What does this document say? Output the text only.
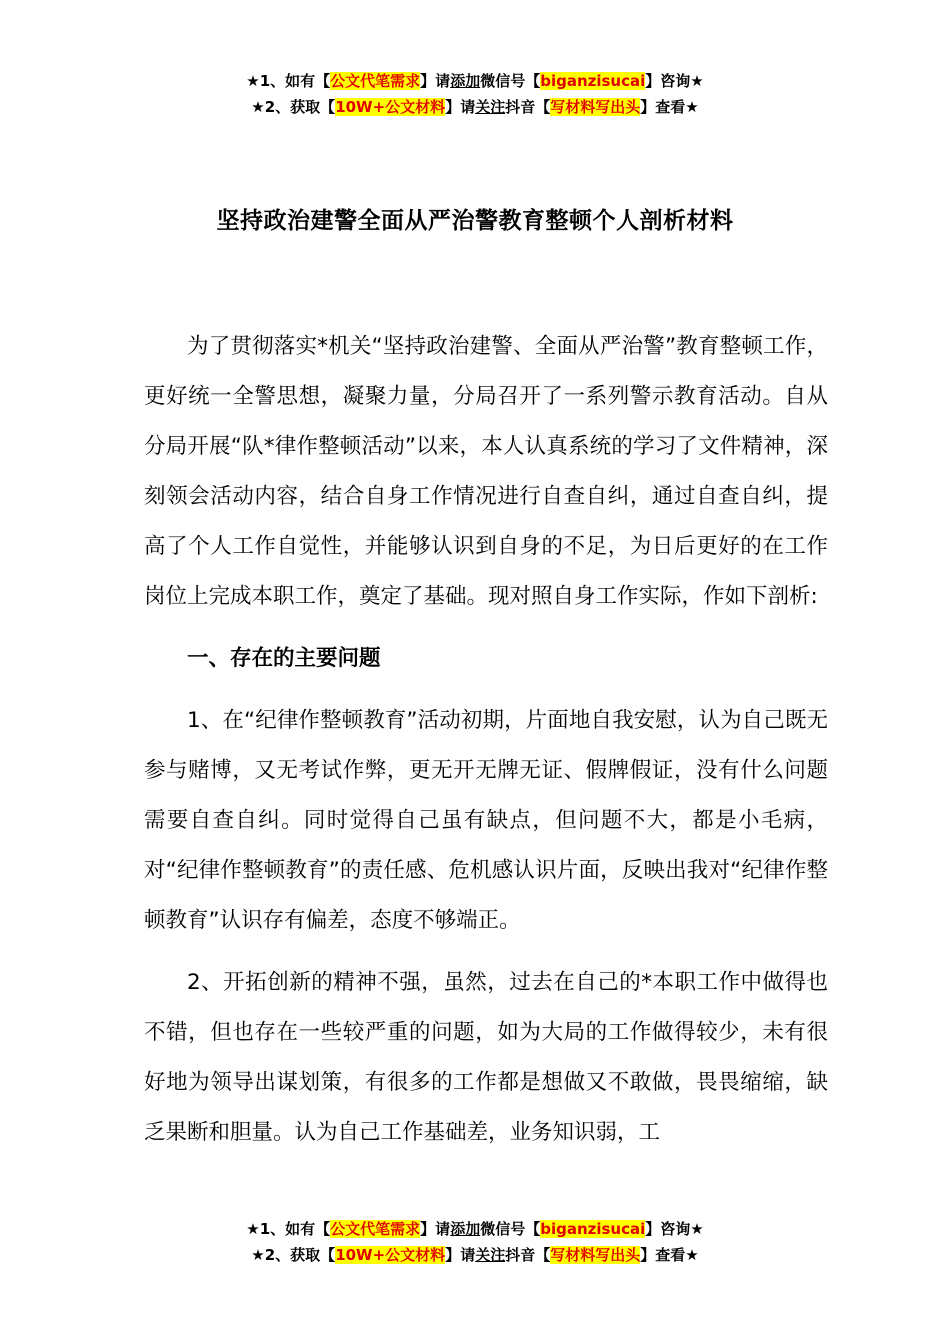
★1、如有【公文代笔需求】请添加微信号【biganzisucai】咨询★
★2、获取【10W+公文材料】请关注抖音【写材料写出头】查看★
坚持政治建警全面从严治警教育整顿个人剖析材料

为了贯彻落实*机关“坚持政治建警、全面从严治警”教育整顿工作，更好统一全警思想，凝聚力量，分局召开了一系列警示教育活动。自从分局开展“队*律作整顿活动”以来，本人认真系统的学习了文件精神，深刻领会活动内容，结合自身工作情况进行自查自纠，通过自查自纠，提高了个人工作自觉性，并能够认识到自身的不足，为日后更好的在工作岗位上完成本职工作，奠定了基础。现对照自身工作实际，作如下剖析:

一、存在的主要问题

1、在“纪律作整顿教育”活动初期，片面地自我安慰，认为自己既无参与赌博，又无考试作弊，更无开无牌无证、假牌假证，没有什么问题需要自查自纠。同时觉得自己虽有缺点，但问题不大，都是小毛病，对“纪律作整顿教育”的责任感、危机感认识片面，反映出我对“纪律作整顿教育”认识存有偏差，态度不够端正。

2、开拓创新的精神不强，虽然，过去在自己的*本职工作中做得也不错，但也存在一些较严重的问题，如为大局的工作做得较少，未有很好地为领导出谋划策，有很多的工作都是想做又不敢做，畏畏缩缩，缺乏果断和胆量。认为自己工作基础差，业务知识弱，工

★1、如有【公文代笔需求】请添加微信号【biganzisucai】咨询★
★2、获取【10W+公文材料】请关注抖音【写材料写出头】查看★
